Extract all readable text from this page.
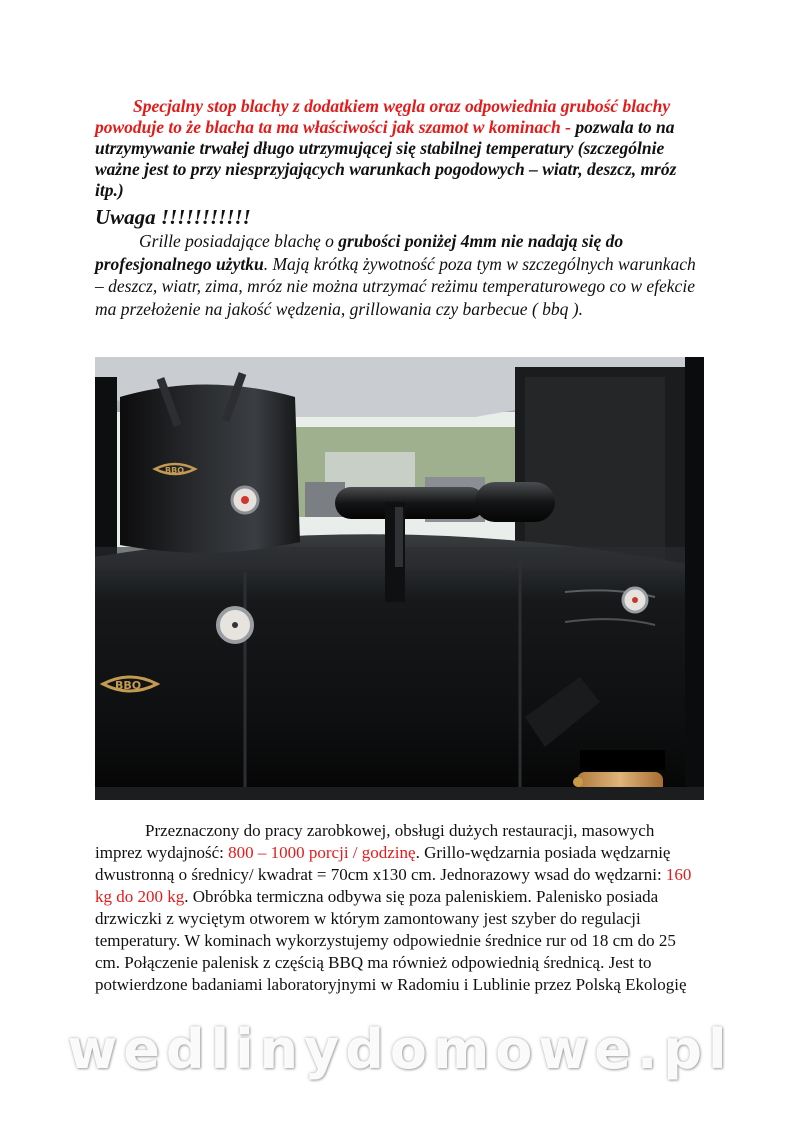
Specjalny stop blachy z dodatkiem węgla oraz odpowiednia grubość blachy powoduje to że blacha ta ma właściwości jak szamot w kominach - pozwala to na utrzymywanie trwałej długo utrzymującej się stabilnej temperatury (szczególnie ważne jest to przy niesprzyjających warunkach pogodowych – wiatr, deszcz, mróz itp.)
Uwaga !!!!!!!!!!!
Grille posiadające blachę o grubości poniżej 4mm nie nadają się do profesjonalnego użytku. Mają krótką żywotność poza tym w szczególnych warunkach – deszcz, wiatr, zima, mróz nie można utrzymać reżimu temperaturowego co w efekcie ma przełożenie na jakość wędzenia, grillowania czy barbecue ( bbq ).
BBQ
BBQ
Przeznaczony do pracy zarobkowej, obsługi dużych restauracji, masowych imprez wydajność: 800 – 1000 porcji / godzinę. Grillo-wędzarnia posiada wędzarnię dwustronną o średnicy/ kwadrat = 70cm x130 cm. Jednorazowy wsad do wędzarni: 160 kg do 200 kg. Obróbka termiczna odbywa się poza paleniskiem. Palenisko posiada drzwiczki z wyciętym otworem w którym zamontowany jest szyber do regulacji temperatury. W kominach wykorzystujemy odpowiednie średnice rur od 18 cm do 25 cm. Połączenie palenisk z częścią BBQ ma również odpowiednią średnicą. Jest to potwierdzone badaniami laboratoryjnymi w Radomiu i Lublinie przez Polską Ekologię
wedlinydomowe.pl
